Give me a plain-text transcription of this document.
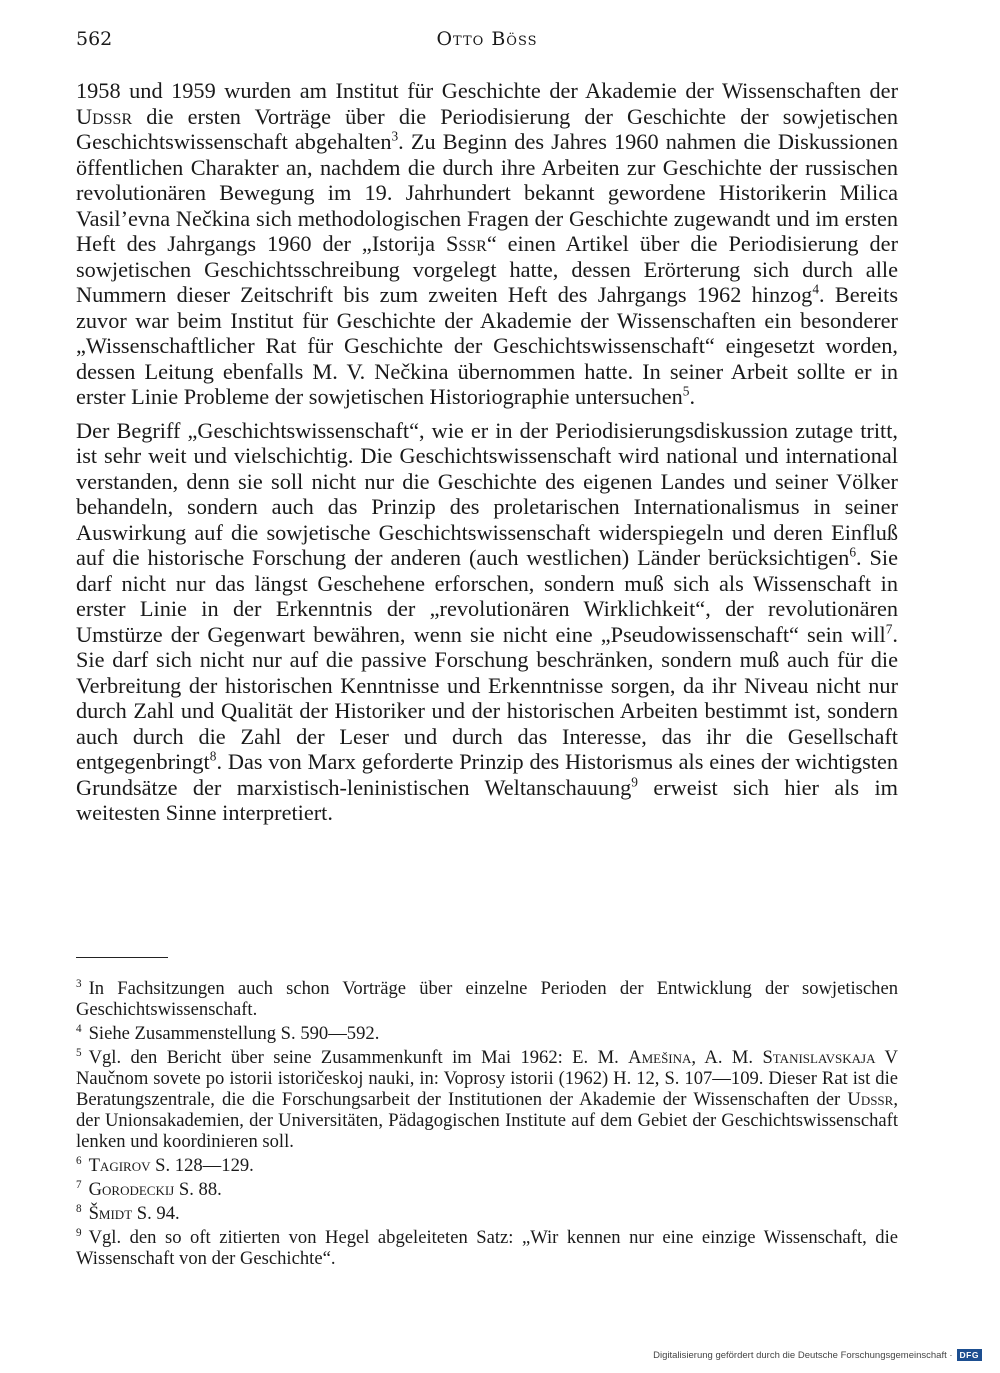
562	Otto Böss

1958 und 1959 wurden am Institut für Geschichte der Akademie der Wissenschaften der Udssr die ersten Vorträge über die Periodisierung der Geschichte der sowjetischen Geschichtswissenschaft abgehalten$^3$. Zu Beginn des Jahres 1960 nahmen die Diskussionen öffentlichen Charakter an, nachdem die durch ihre Arbeiten zur Geschichte der russischen revolutionären Bewegung im 19. Jahrhundert bekannt gewordene Historikerin Milica Vasil’evna Nečkina sich methodologischen Fragen der Geschichte zugewandt und im ersten Heft des Jahrgangs 1960 der „Istorija Sssr“ einen Artikel über die Periodisierung der sowjetischen Geschichtsschreibung vorgelegt hatte, dessen Erörterung sich durch alle Nummern dieser Zeitschrift bis zum zweiten Heft des Jahrgangs 1962 hinzog$^4$. Bereits zuvor war beim Institut für Geschichte der Akademie der Wissenschaften ein besonderer „Wissenschaftlicher Rat für Geschichte der Geschichtswissenschaft“ eingesetzt worden, dessen Leitung ebenfalls M. V. Nečkina übernommen hatte. In seiner Arbeit sollte er in erster Linie Probleme der sowjetischen Historiographie untersuchen$^5$.

Der Begriff „Geschichtswissenschaft“, wie er in der Periodisierungsdiskussion zutage tritt, ist sehr weit und vielschichtig. Die Geschichtswissenschaft wird national und international verstanden, denn sie soll nicht nur die Geschichte des eigenen Landes und seiner Völker behandeln, sondern auch das Prinzip des proletarischen Internationalismus in seiner Auswirkung auf die sowjetische Geschichtswissenschaft widerspiegeln und deren Einfluß auf die historische Forschung der anderen (auch westlichen) Länder berücksichtigen$^6$. Sie darf nicht nur das längst Geschehene erforschen, sondern muß sich als Wissenschaft in erster Linie in der Erkenntnis der „revolutionären Wirklichkeit“, der revolutionären Umstürze der Gegenwart bewähren, wenn sie nicht eine „Pseudowissenschaft“ sein will$^7$. Sie darf sich nicht nur auf die passive Forschung beschränken, sondern muß auch für die Verbreitung der historischen Kenntnisse und Erkenntnisse sorgen, da ihr Niveau nicht nur durch Zahl und Qualität der Historiker und der historischen Arbeiten bestimmt ist, sondern auch durch die Zahl der Leser und durch das Interesse, das ihr die Gesellschaft entgegenbringt$^8$. Das von Marx geforderte Prinzip des Historismus als eines der wichtigsten Grundsätze der marxistisch-leninistischen Weltanschauung$^9$ erweist sich hier als im weitesten Sinne interpretiert.

$^3$ In Fachsitzungen auch schon Vorträge über einzelne Perioden der Entwicklung der sowjetischen Geschichtswissenschaft.

$^4$ Siehe Zusammenstellung S. 590—592.

$^5$ Vgl. den Bericht über seine Zusammenkunft im Mai 1962: E. M. Amešina, A. M. Stanislavskaja V Naučnom sovete po istorii istoričeskoj nauki, in: Voprosy istorii (1962) H. 12, S. 107—109. Dieser Rat ist die Beratungszentrale, die die Forschungsarbeit der Institutionen der Akademie der Wissenschaften der Udssr, der Unionsakademien, der Universitäten, Pädagogischen Institute auf dem Gebiet der Geschichtswissenschaft lenken und koordinieren soll.

$^6$ Tagirov S. 128—129.

$^7$ Gorodeckij S. 88.

$^8$ Šmidt S. 94.

$^9$ Vgl. den so oft zitierten von Hegel abgeleiteten Satz: „Wir kennen nur eine einzige Wissenschaft, die Wissenschaft von der Geschichte“.

Digitalisierung gefördert durch die Deutsche Forschungsgemeinschaft · DFG
